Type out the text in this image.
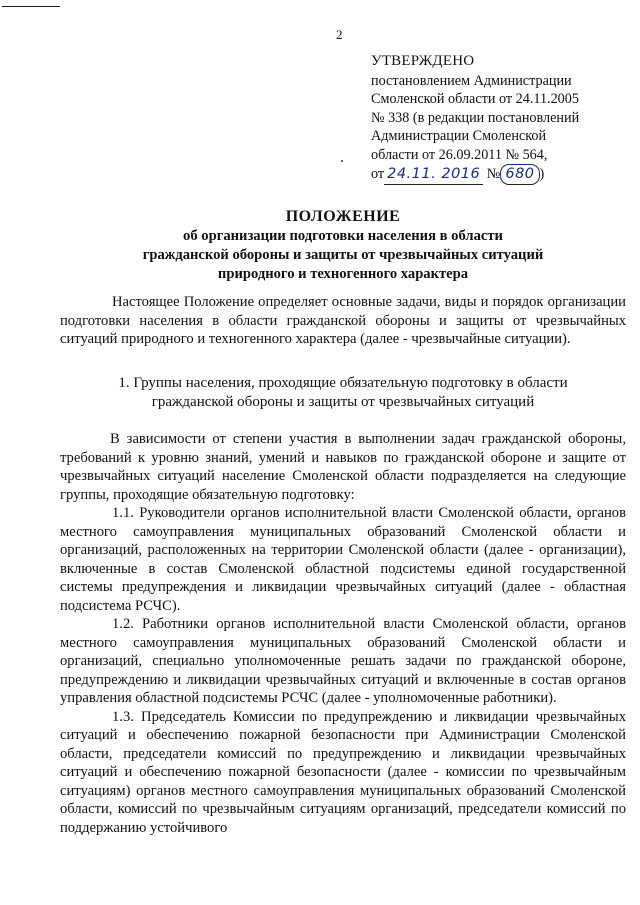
2
УТВЕРЖДЕНО
постановлением Администрации
Смоленской области от 24.11.2005
№ 338 (в редакции постановлений
Администрации Смоленской
области от 26.09.2011 № 564,
от 24.11. 2016 № 680 )
ПОЛОЖЕНИЕ
об организации подготовки населения в области
гражданской обороны и защиты от чрезвычайных ситуаций
природного и техногенного характера

Настоящее Положение определяет основные задачи, виды и порядок организации подготовки населения в области гражданской обороны и защиты от чрезвычайных ситуаций природного и техногенного характера (далее - чрезвычайные ситуации).

1. Группы населения, проходящие обязательную подготовку в области
гражданской обороны и защиты от чрезвычайных ситуаций

В зависимости от степени участия в выполнении задач гражданской обороны, требований к уровню знаний, умений и навыков по гражданской обороне и защите от чрезвычайных ситуаций население Смоленской области подразделяется на следующие группы, проходящие обязательную подготовку:

1.1. Руководители органов исполнительной власти Смоленской области, органов местного самоуправления муниципальных образований Смоленской области и организаций, расположенных на территории Смоленской области (далее - организации), включенные в состав Смоленской областной подсистемы единой государственной системы предупреждения и ликвидации чрезвычайных ситуаций (далее - областная подсистема РСЧС).

1.2. Работники органов исполнительной власти Смоленской области, органов местного самоуправления муниципальных образований Смоленской области и организаций, специально уполномоченные решать задачи по гражданской обороне, предупреждению и ликвидации чрезвычайных ситуаций и включенные в состав органов управления областной подсистемы РСЧС (далее - уполномоченные работники).

1.3. Председатель Комиссии по предупреждению и ликвидации чрезвычайных ситуаций и обеспечению пожарной безопасности при Администрации Смоленской области, председатели комиссий по предупреждению и ликвидации чрезвычайных ситуаций и обеспечению пожарной безопасности (далее - комиссии по чрезвычайным ситуациям) органов местного самоуправления муниципальных образований Смоленской области, комиссий по чрезвычайным ситуациям организаций, председатели комиссий по поддержанию устойчивого
